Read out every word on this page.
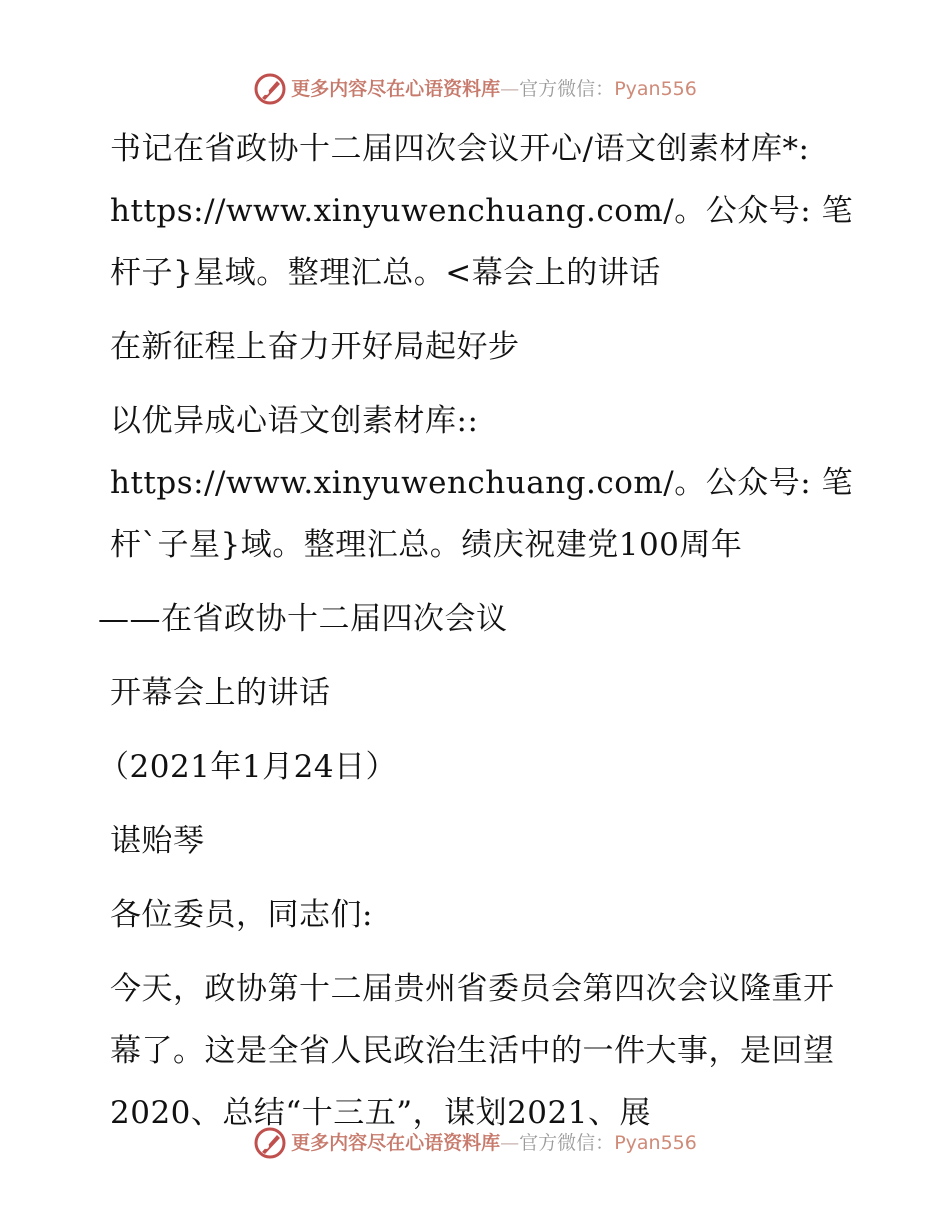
更多内容尽在心语资料库 — 官方微信： Pyan556

书记在省政协十二届四次会议开心/语文创素材库*: https://www.xinyuwenchuang.com/。公众号: 笔杆子}星域。整理汇总。<幕会上的讲话

在新征程上奋力开好局起好步

以优异成心语文创素材库:: https://www.xinyuwenchuang.com/。公众号: 笔杆`子星}域。整理汇总。绩庆祝建党100周年

——在省政协十二届四次会议

开幕会上的讲话

（2021年1月24日）

谌贻琴

各位委员，同志们:

今天，政协第十二届贵州省委员会第四次会议隆重开幕了。这是全省人民政治生活中的一件大事，是回望2020、总结“十三五”，谋划2021、展

更多内容尽在心语资料库 — 官方微信： Pyan556
